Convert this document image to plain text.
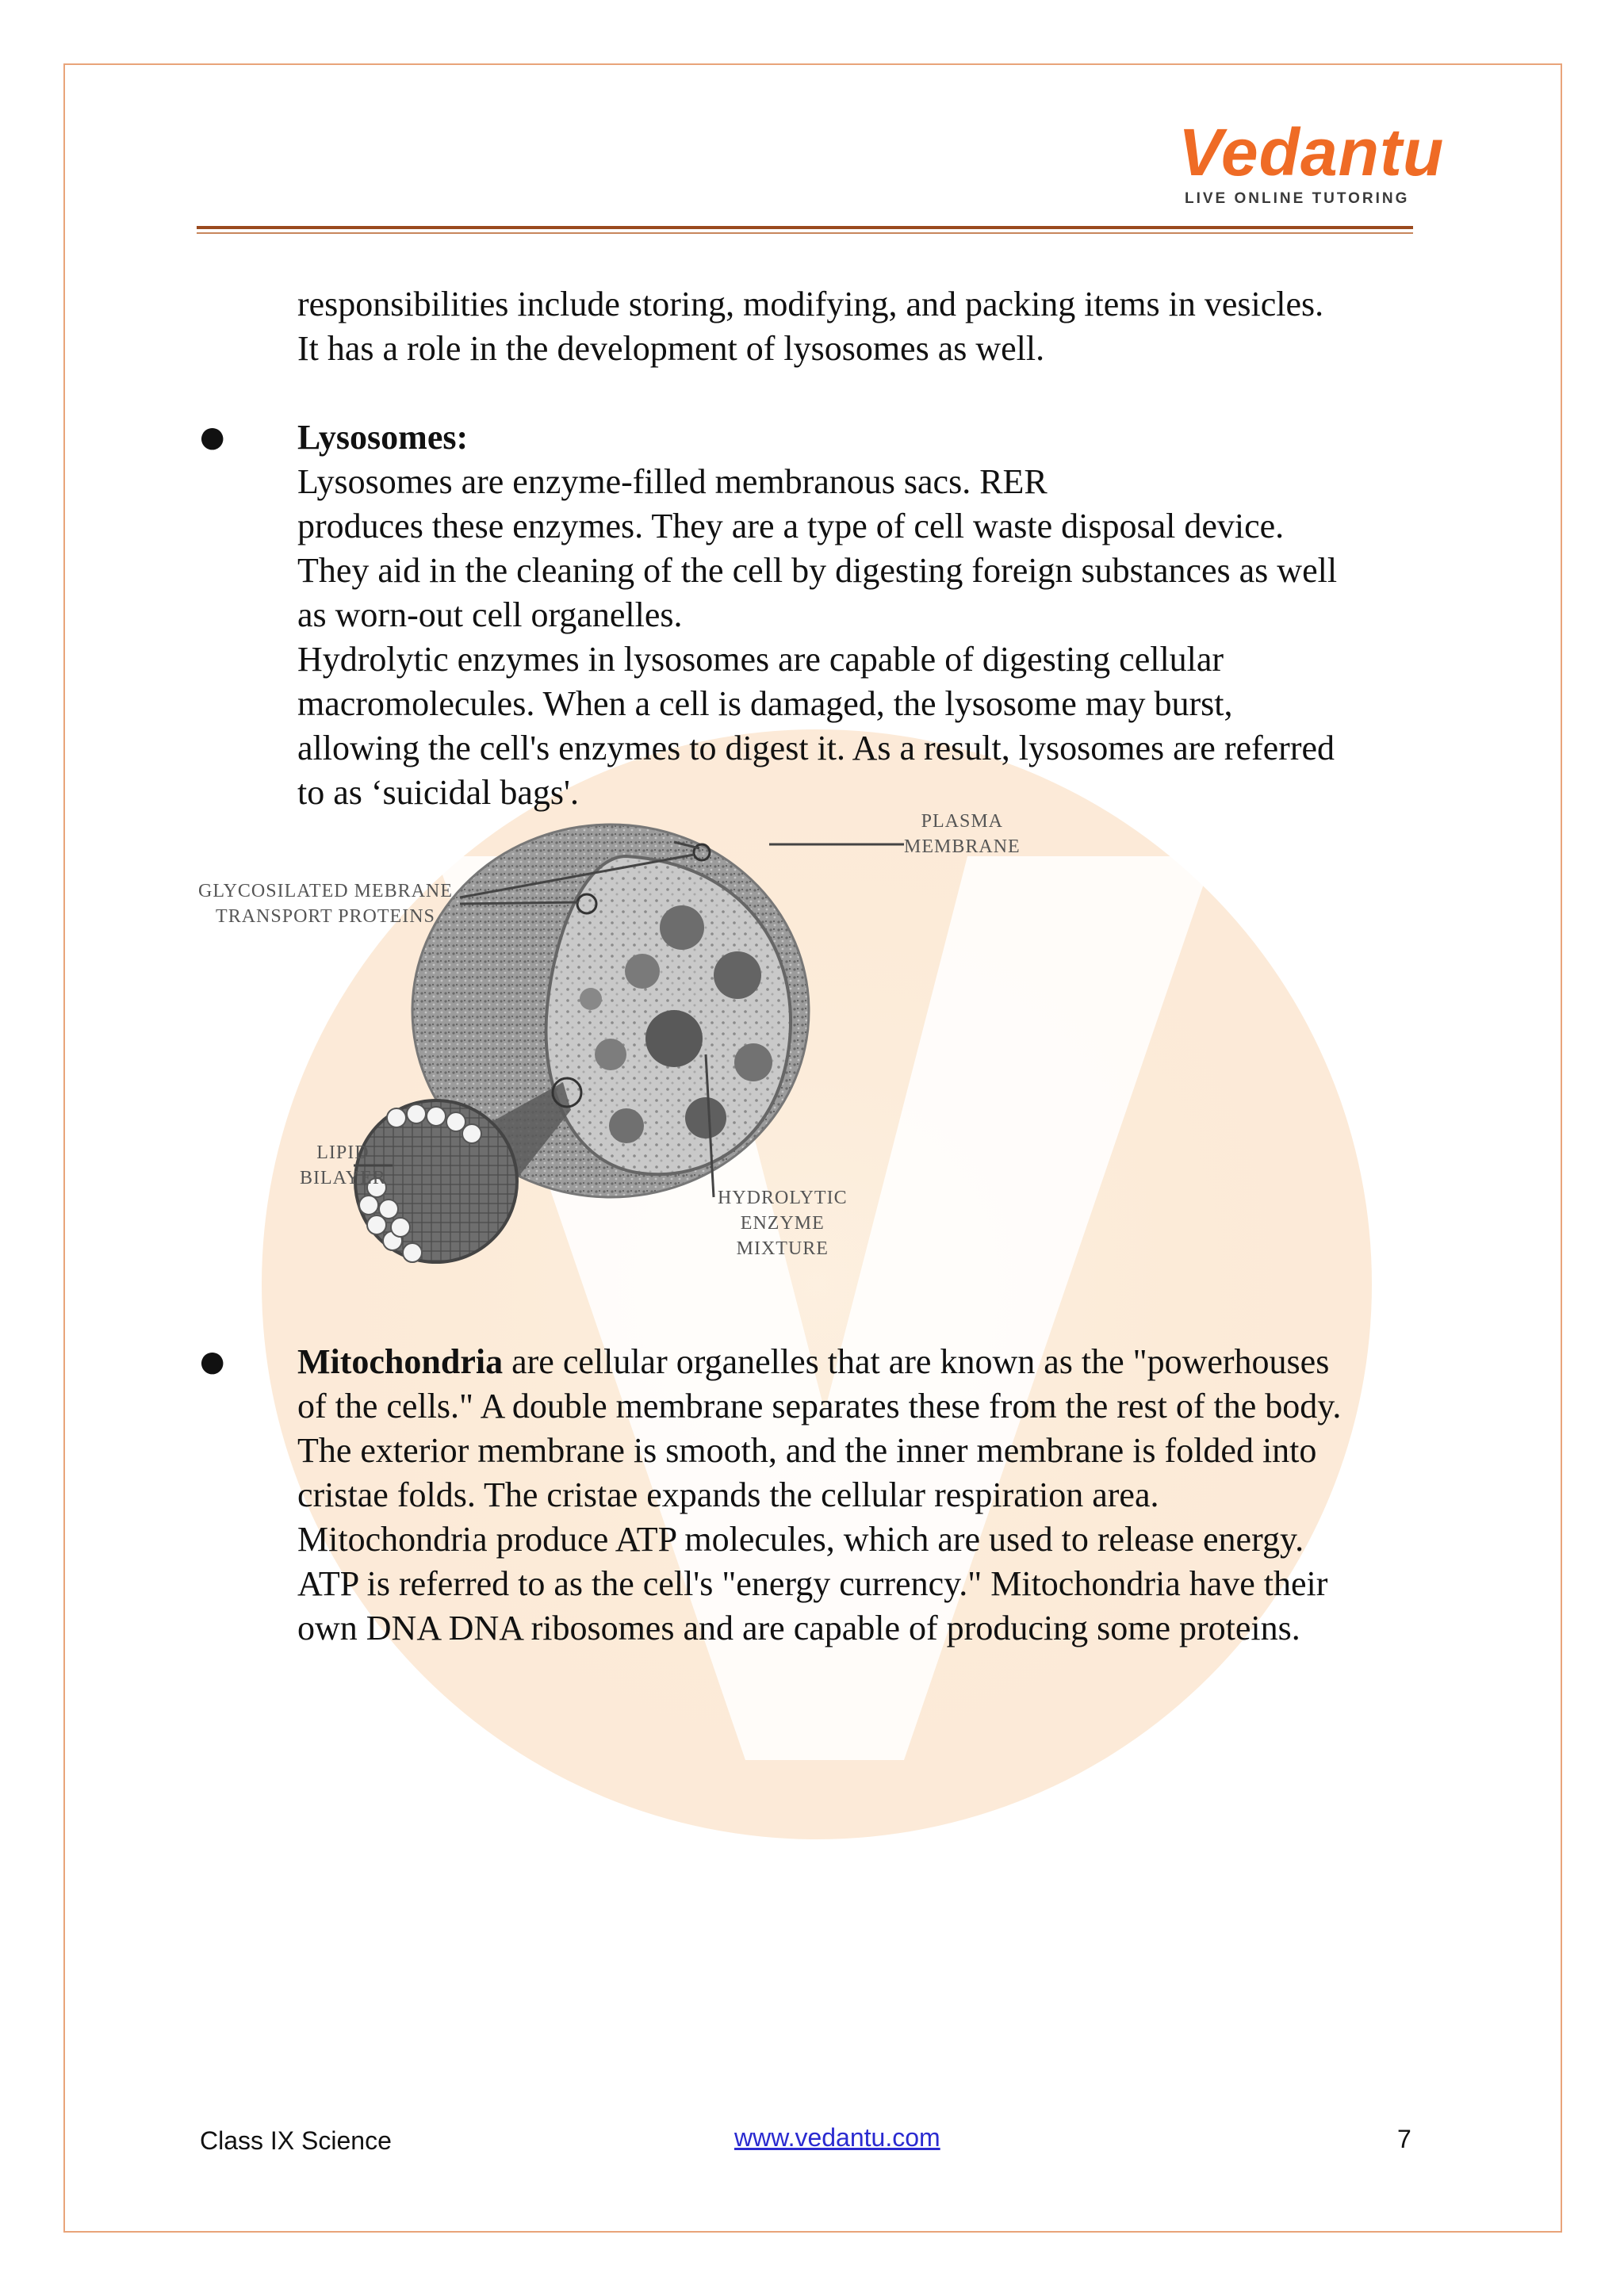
Vedantu
LIVE ONLINE TUTORING
responsibilities include storing, modifying, and packing items in vesicles.
It has a role in the development of lysosomes as well.
● Lysosomes:
Lysosomes are enzyme-filled membranous sacs. RER
produces these enzymes. They are a type of cell waste disposal device.
They aid in the cleaning of the cell by digesting foreign substances as well
as worn-out cell organelles.
Hydrolytic enzymes in lysosomes are capable of digesting cellular
macromolecules. When a cell is damaged, the lysosome may burst,
allowing the cell's enzymes to digest it. As a result, lysosomes are referred
to as ‘suicidal bags'.
PLASMA
MEMBRANE
GLYCOSILATED MEBRANE
TRANSPORT PROTEINS
LIPID
BILAYER
HYDROLYTIC
ENZYME
MIXTURE
● Mitochondria are cellular organelles that are known as the "powerhouses
of the cells." A double membrane separates these from the rest of the body.
The exterior membrane is smooth, and the inner membrane is folded into
cristae folds. The cristae expands the cellular respiration area.
Mitochondria produce ATP molecules, which are used to release energy.
ATP is referred to as the cell's "energy currency." Mitochondria have their
own DNA DNA ribosomes and are capable of producing some proteins.
Class IX Science	www.vedantu.com	7
